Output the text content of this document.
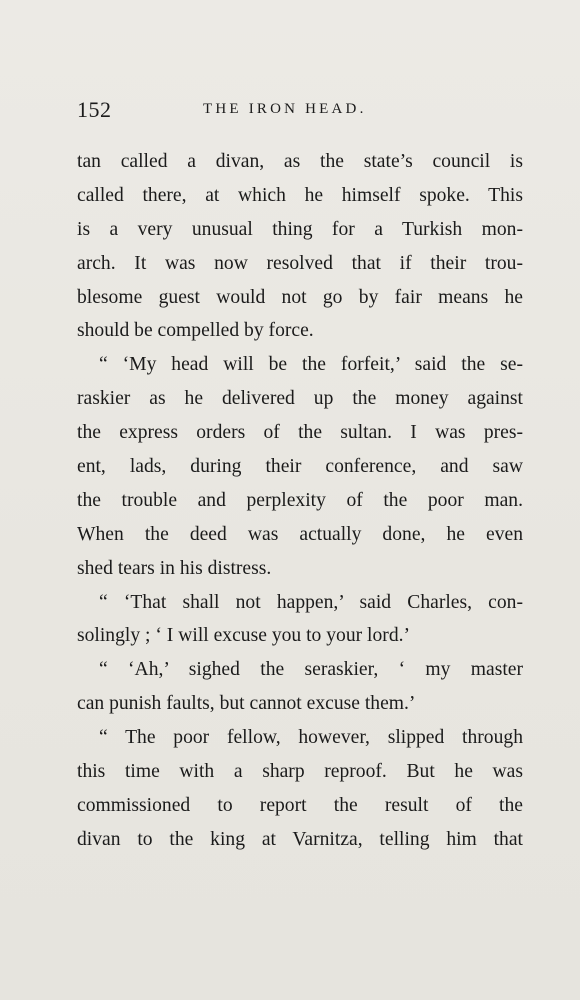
152	THE IRON HEAD.
tan called a divan, as the state’s council is
called there, at which he himself spoke. This
is a very unusual thing for a Turkish mon-
arch. It was now resolved that if their trou-
blesome guest would not go by fair means he
should be compelled by force.
“ ‘My head will be the forfeit,’ said the se-
raskier as he delivered up the money against
the express orders of the sultan. I was pres-
ent, lads, during their conference, and saw
the trouble and perplexity of the poor man.
When the deed was actually done, he even
shed tears in his distress.
“ ‘That shall not happen,’ said Charles, con-
solingly ; ‘ I will excuse you to your lord.’
“ ‘Ah,’ sighed the seraskier, ‘ my master
can punish faults, but cannot excuse them.’
“ The poor fellow, however, slipped through
this time with a sharp reproof. But he was
commissioned to report the result of the
divan to the king at Varnitza, telling him that
